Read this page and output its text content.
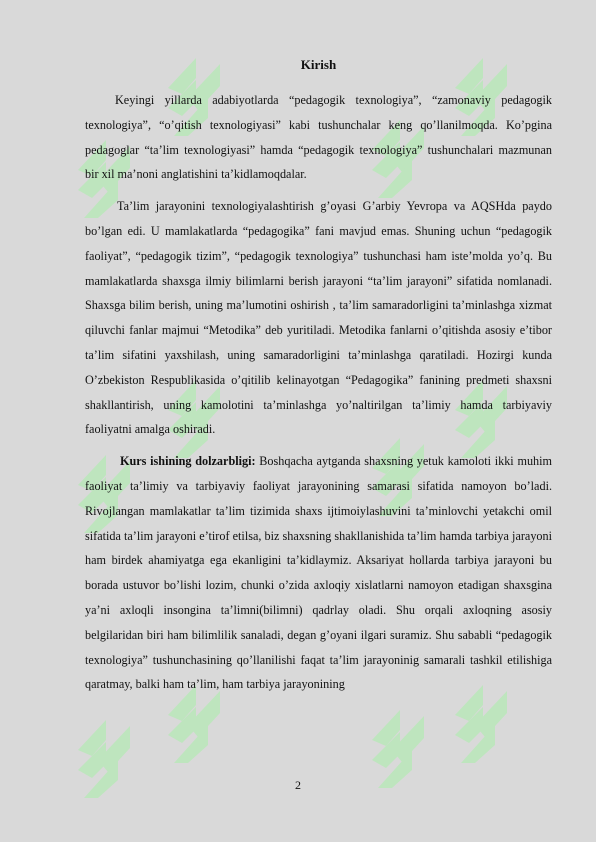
Kirish

Keyingi yillarda adabiyotlarda “pedagogik texnologiya”, “zamonaviy pedagogik texnologiya”, “o’qitish texnologiyasi” kabi tushunchalar keng qo’llanilmoqda. Ko’pgina pedagoglar “ta’lim texnologiyasi” hamda “pedagogik texnologiya” tushunchalari mazmunan bir xil ma’noni anglatishini ta’kidlamoqdalar.

Ta’lim jarayonini texnologiyalashtirish g’oyasi G’arbiy Yevropa va AQSHda paydo bo’lgan edi. U mamlakatlarda “pedagogika” fani mavjud emas. Shuning uchun “pedagogik faoliyat”, “pedagogik tizim”, “pedagogik texnologiya” tushunchasi ham iste’molda yo’q. Bu mamlakatlarda shaxsga ilmiy bilimlarni berish jarayoni “ta’lim jarayoni” sifatida nomlanadi. Shaxsga bilim berish, uning ma’lumotini oshirish , ta’lim samaradorligini ta’minlashga xizmat qiluvchi fanlar majmui “Metodika” deb yuritiladi. Metodika fanlarni o’qitishda asosiy e’tibor ta’lim sifatini yaxshilash, uning samaradorligini ta’minlashga qaratiladi. Hozirgi kunda O’zbekiston Respublikasida o’qitilib kelinayotgan “Pedagogika” fanining predmeti shaxsni shakllantirish, uning kamolotini ta’minlashga yo’naltirilgan ta’limiy hamda tarbiyaviy faoliyatni amalga oshiradi.

Kurs ishining dolzarbligi: Boshqacha aytganda shaxsning yetuk kamoloti ikki muhim faoliyat ta’limiy va tarbiyaviy faoliyat jarayonining samarasi sifatida namoyon bo’ladi. Rivojlangan mamlakatlar ta’lim tizimida shaxs ijtimoiylashuvini ta’minlovchi yetakchi omil sifatida ta’lim jarayoni e’tirof etilsa, biz shaxsning shakllanishida ta’lim hamda tarbiya jarayoni ham birdek ahamiyatga ega ekanligini ta’kidlaymiz. Aksariyat hollarda tarbiya jarayoni bu borada ustuvor bo’lishi lozim, chunki o’zida axloqiy xislatlarni namoyon etadigan shaxsgina ya’ni axloqli insongina ta’limni(bilimni) qadrlay oladi. Shu orqali axloqning asosiy belgilaridan biri ham bilimlilik sanaladi, degan g’oyani ilgari suramiz. Shu sababli “pedagogik texnologiya” tushunchasining qo’llanilishi faqat ta’lim jarayoninig samarali tashkil etilishiga qaratmay, balki ham ta’lim, ham tarbiya jarayonining

2
